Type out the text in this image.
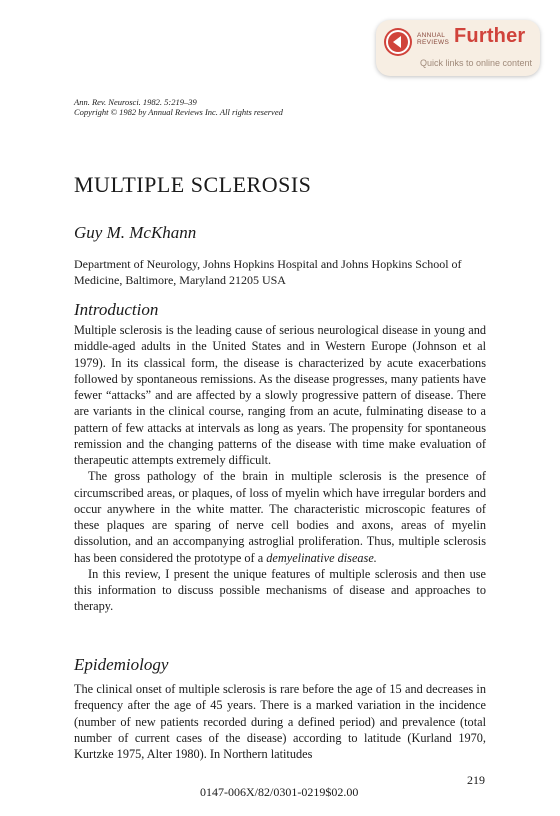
ANNUAL
REVIEWS Further
Quick links to online content
Ann. Rev. Neurosci. 1982. 5:219–39
Copyright © 1982 by Annual Reviews Inc. All rights reserved
MULTIPLE SCLEROSIS
Guy M. McKhann
Department of Neurology, Johns Hopkins Hospital and Johns Hopkins School of Medicine, Baltimore, Maryland 21205 USA
Introduction

Multiple sclerosis is the leading cause of serious neurological disease in young and middle-aged adults in the United States and in Western Europe (Johnson et al 1979). In its classical form, the disease is characterized by acute exacerbations followed by spontaneous remissions. As the disease progresses, many patients have fewer “attacks” and are affected by a slowly progressive pattern of disease. There are variants in the clinical course, ranging from an acute, fulminating disease to a pattern of few attacks at intervals as long as years. The propensity for spontaneous remission and the changing patterns of the disease with time make evaluation of therapeutic attempts extremely difficult.

The gross pathology of the brain in multiple sclerosis is the presence of circumscribed areas, or plaques, of loss of myelin which have irregular borders and occur anywhere in the white matter. The characteristic microscopic features of these plaques are sparing of nerve cell bodies and axons, areas of myelin dissolution, and an accompanying astroglial proliferation. Thus, multiple sclerosis has been considered the prototype of a demyelinative disease.

In this review, I present the unique features of multiple sclerosis and then use this information to discuss possible mechanisms of disease and approaches to therapy.

Epidemiology

The clinical onset of multiple sclerosis is rare before the age of 15 and decreases in frequency after the age of 45 years. There is a marked variation in the incidence (number of new patients recorded during a defined period) and prevalence (total number of current cases of the disease) according to latitude (Kurland 1970, Kurtzke 1975, Alter 1980). In Northern latitudes

219
0147-006X/82/0301-0219$02.00
